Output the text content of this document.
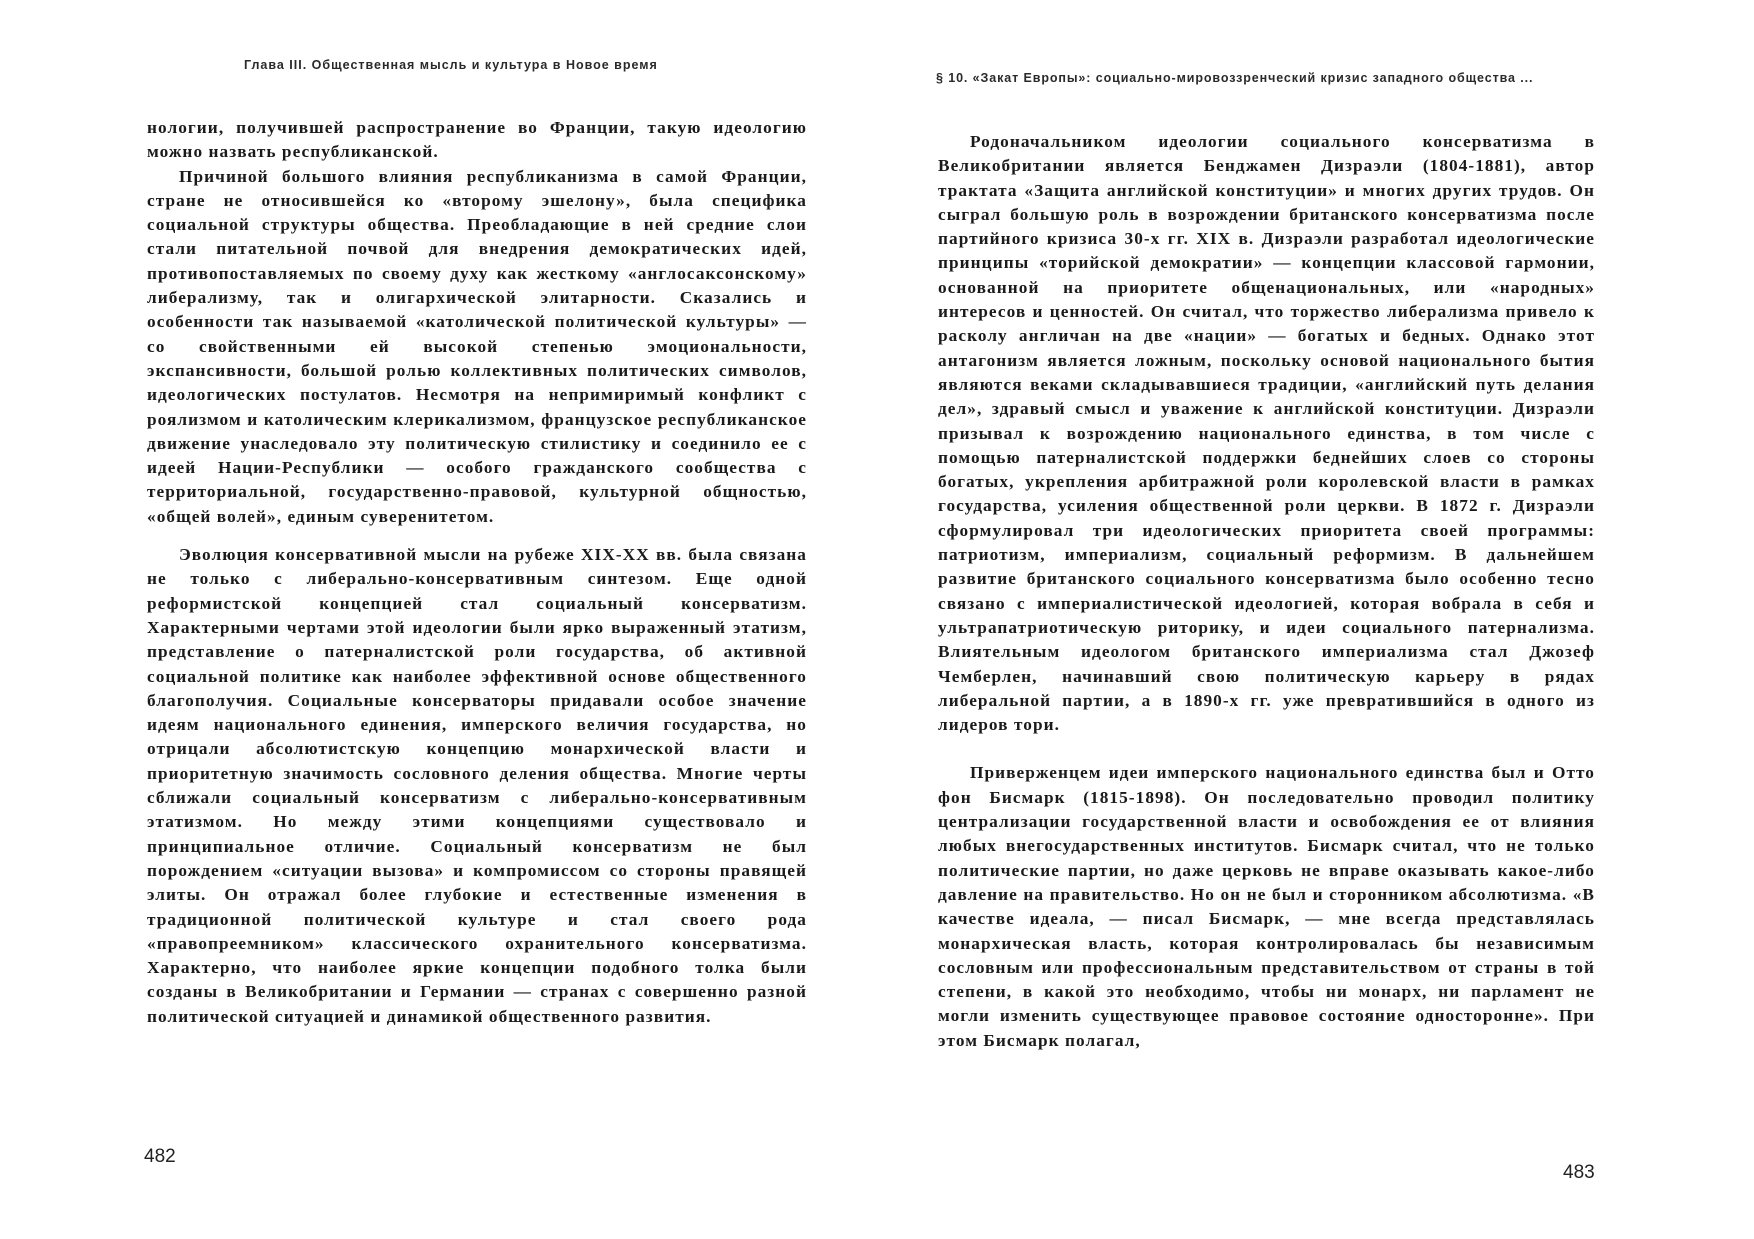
Глава III. Общественная мысль и культура в Новое время

нологии, получившей распространение во Франции, такую идеологию можно назвать республиканской.

Причиной большого влияния республиканизма в самой Франции, стране не относившейся ко «второму эшелону», была специфика социальной структуры общества. Преобладающие в ней средние слои стали питательной почвой для внедрения демократических идей, противопоставляемых по своему духу как жесткому «англосаксонскому» либерализму, так и олигархической элитарности. Сказались и особенности так называемой «католической политической культуры» — со свойственными ей высокой степенью эмоциональности, экспансивности, большой ролью коллективных политических символов, идеологических постулатов. Несмотря на непримиримый конфликт с роялизмом и католическим клерикализмом, французское республиканское движение унаследовало эту политическую стилистику и соединило ее с идеей Нации-Республики — особого гражданского сообщества с территориальной, государственно-правовой, культурной общностью, «общей волей», единым суверенитетом.

Эволюция консервативной мысли на рубеже XIX-XX вв. была связана не только с либерально-консервативным синтезом. Еще одной реформистской концепцией стал социальный консерватизм. Характерными чертами этой идеологии были ярко выраженный этатизм, представление о патерналистской роли государства, об активной социальной политике как наиболее эффективной основе общественного благополучия. Социальные консерваторы придавали особое значение идеям национального единения, имперского величия государства, но отрицали абсолютистскую концепцию монархической власти и приоритетную значимость сословного деления общества. Многие черты сближали социальный консерватизм с либерально-консервативным этатизмом. Но между этими концепциями существовало и принципиальное отличие. Социальный консерватизм не был порождением «ситуации вызова» и компромиссом со стороны правящей элиты. Он отражал более глубокие и естественные изменения в традиционной политической культуре и стал своего рода «правопреемником» классического охранительного консерватизма. Характерно, что наиболее яркие концепции подобного толка были созданы в Великобритании и Германии — странах с совершенно разной политической ситуацией и динамикой общественного развития.

482
§ 10. «Закат Европы»: социально-мировоззренческий кризис западного общества ...

Родоначальником идеологии социального консерватизма в Великобритании является Бенджамен Дизраэли (1804-1881), автор трактата «Защита английской конституции» и многих других трудов. Он сыграл большую роль в возрождении британского консерватизма после партийного кризиса 30-х гг. XIX в. Дизраэли разработал идеологические принципы «торийской демократии» — концепции классовой гармонии, основанной на приоритете общенациональных, или «народных» интересов и ценностей. Он считал, что торжество либерализма привело к расколу англичан на две «нации» — богатых и бедных. Однако этот антагонизм является ложным, поскольку основой национального бытия являются веками складывавшиеся традиции, «английский путь делания дел», здравый смысл и уважение к английской конституции. Дизраэли призывал к возрождению национального единства, в том числе с помощью патерналистской поддержки беднейших слоев со стороны богатых, укрепления арбитражной роли королевской власти в рамках государства, усиления общественной роли церкви. В 1872 г. Дизраэли сформулировал три идеологических приоритета своей программы: патриотизм, империализм, социальный реформизм. В дальнейшем развитие британского социального консерватизма было особенно тесно связано с империалистической идеологией, которая вобрала в себя и ультрапатриотическую риторику, и идеи социального патернализма. Влиятельным идеологом британского империализма стал Джозеф Чемберлен, начинавший свою политическую карьеру в рядах либеральной партии, а в 1890-х гг. уже превратившийся в одного из лидеров тори.

Приверженцем идеи имперского национального единства был и Отто фон Бисмарк (1815-1898). Он последовательно проводил политику централизации государственной власти и освобождения ее от влияния любых внегосударственных институтов. Бисмарк считал, что не только политические партии, но даже церковь не вправе оказывать какое-либо давление на правительство. Но он не был и сторонником абсолютизма. «В качестве идеала, — писал Бисмарк, — мне всегда представлялась монархическая власть, которая контролировалась бы независимым сословным или профессиональным представительством от страны в той степени, в какой это необходимо, чтобы ни монарх, ни парламент не могли изменить существующее правовое состояние односторонне». При этом Бисмарк полагал,

483
